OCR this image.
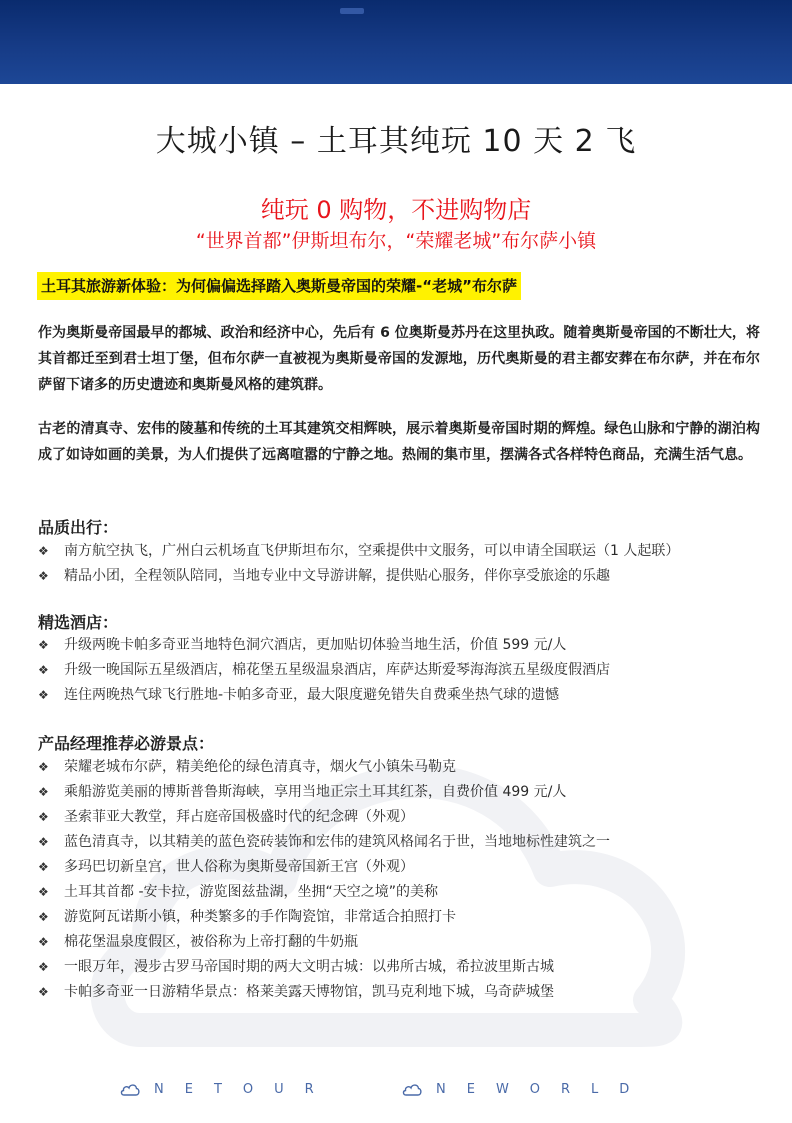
大城小镇 – 土耳其纯玩 10 天 2 飞
纯玩 0 购物，不进购物店
“世界首都”伊斯坦布尔，“荣耀老城”布尔萨小镇
土耳其旅游新体验：为何偏偏选择踏入奥斯曼帝国的荣耀-“老城”布尔萨
作为奥斯曼帝国最早的都城、政治和经济中心，先后有 6 位奥斯曼苏丹在这里执政。随着奥斯曼帝国的不断壮大，将其首都迁至到君士坦丁堡，但布尔萨一直被视为奥斯曼帝国的发源地，历代奥斯曼的君主都安葬在布尔萨，并在布尔萨留下诸多的历史遗迹和奥斯曼风格的建筑群。
古老的清真寺、宏伟的陵墓和传统的土耳其建筑交相辉映，展示着奥斯曼帝国时期的辉煌。绿色山脉和宁静的湖泊构成了如诗如画的美景，为人们提供了远离喧嚣的宁静之地。热闹的集市里，摆满各式各样特色商品，充满生活气息。
品质出行：
❖	南方航空执飞，广州白云机场直飞伊斯坦布尔，空乘提供中文服务，可以申请全国联运（1 人起联）
❖	精品小团，全程领队陪同，当地专业中文导游讲解，提供贴心服务，伴你享受旅途的乐趣
精选酒店：
❖	升级两晚卡帕多奇亚当地特色洞穴酒店，更加贴切体验当地生活，价值 599 元/人
❖	升级一晚国际五星级酒店，棉花堡五星级温泉酒店，库萨达斯爱琴海海滨五星级度假酒店
❖	连住两晚热气球飞行胜地-卡帕多奇亚，最大限度避免错失自费乘坐热气球的遗憾
产品经理推荐必游景点：
❖	荣耀老城布尔萨，精美绝伦的绿色清真寺，烟火气小镇朱马勒克
❖	乘船游览美丽的博斯普鲁斯海峡，享用当地正宗土耳其红茶，自费价值 499 元/人
❖	圣索菲亚大教堂，拜占庭帝国极盛时代的纪念碑（外观）
❖	蓝色清真寺，以其精美的蓝色瓷砖装饰和宏伟的建筑风格闻名于世，当地地标性建筑之一
❖	多玛巴切新皇宫，世人俗称为奥斯曼帝国新王宫（外观）
❖	土耳其首都 -安卡拉，游览图兹盐湖，坐拥“天空之境”的美称
❖	游览阿瓦诺斯小镇，种类繁多的手作陶瓷馆，非常适合拍照打卡
❖	棉花堡温泉度假区，被俗称为上帝打翻的牛奶瓶
❖	一眼万年，漫步古罗马帝国时期的两大文明古城：以弗所古城，希拉波里斯古城
❖	卡帕多奇亚一日游精华景点：格莱美露天博物馆，凯马克利地下城，乌奇萨城堡
NETOUR	NEWORLD
